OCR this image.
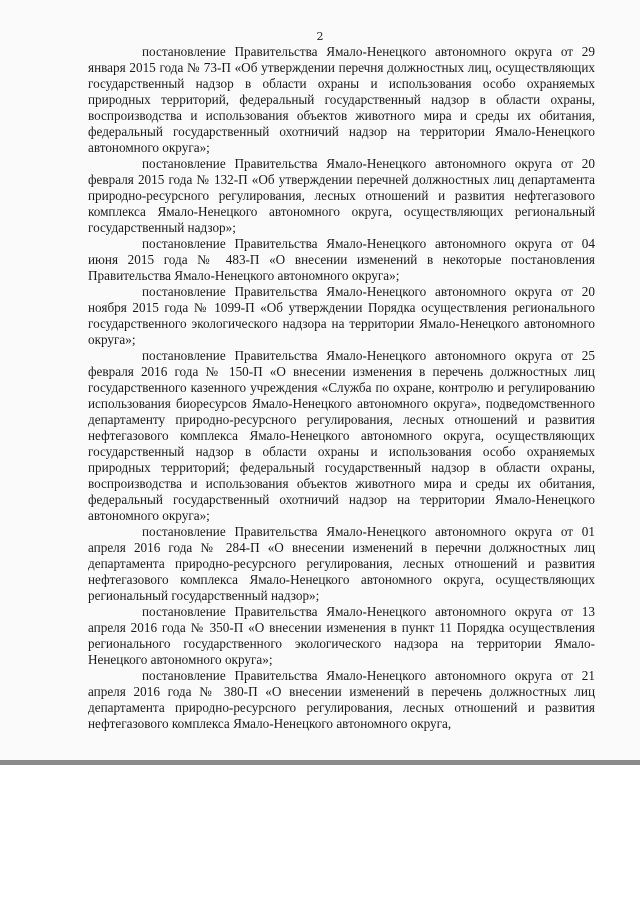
2

постановление Правительства Ямало-Ненецкого автономного округа от 29 января 2015 года № 73-П «Об утверждении перечня должностных лиц, осуществляющих государственный надзор в области охраны и использования особо охраняемых природных территорий, федеральный государственный надзор в области охраны, воспроизводства и использования объектов животного мира и среды их обитания, федеральный государственный охотничий надзор на территории Ямало-Ненецкого автономного округа»;

постановление Правительства Ямало-Ненецкого автономного округа от 20 февраля 2015 года № 132-П «Об утверждении перечней должностных лиц департамента природно-ресурсного регулирования, лесных отношений и развития нефтегазового комплекса Ямало-Ненецкого автономного округа, осуществляющих региональный государственный надзор»;

постановление Правительства Ямало-Ненецкого автономного округа от 04 июня 2015 года № 483-П «О внесении изменений в некоторые постановления Правительства Ямало-Ненецкого автономного округа»;

постановление Правительства Ямало-Ненецкого автономного округа от 20 ноября 2015 года № 1099-П «Об утверждении Порядка осуществления регионального государственного экологического надзора на территории Ямало-Ненецкого автономного округа»;

постановление Правительства Ямало-Ненецкого автономного округа от 25 февраля 2016 года № 150-П «О внесении изменения в перечень должностных лиц государственного казенного учреждения «Служба по охране, контролю и регулированию использования биоресурсов Ямало-Ненецкого автономного округа», подведомственного департаменту природно-ресурсного регулирования, лесных отношений и развития нефтегазового комплекса Ямало-Ненецкого автономного округа, осуществляющих государственный надзор в области охраны и использования особо охраняемых природных территорий; федеральный государственный надзор в области охраны, воспроизводства и использования объектов животного мира и среды их обитания, федеральный государственный охотничий надзор на территории Ямало-Ненецкого автономного округа»;

постановление Правительства Ямало-Ненецкого автономного округа от 01 апреля 2016 года № 284-П «О внесении изменений в перечни должностных лиц департамента природно-ресурсного регулирования, лесных отношений и развития нефтегазового комплекса Ямало-Ненецкого автономного округа, осуществляющих региональный государственный надзор»;

постановление Правительства Ямало-Ненецкого автономного округа от 13 апреля 2016 года № 350-П «О внесении изменения в пункт 11 Порядка осуществления регионального государственного экологического надзора на территории Ямало-Ненецкого автономного округа»;

постановление Правительства Ямало-Ненецкого автономного округа от 21 апреля 2016 года № 380-П «О внесении изменений в перечень должностных лиц департамента природно-ресурсного регулирования, лесных отношений и развития нефтегазового комплекса Ямало-Ненецкого автономного округа,
